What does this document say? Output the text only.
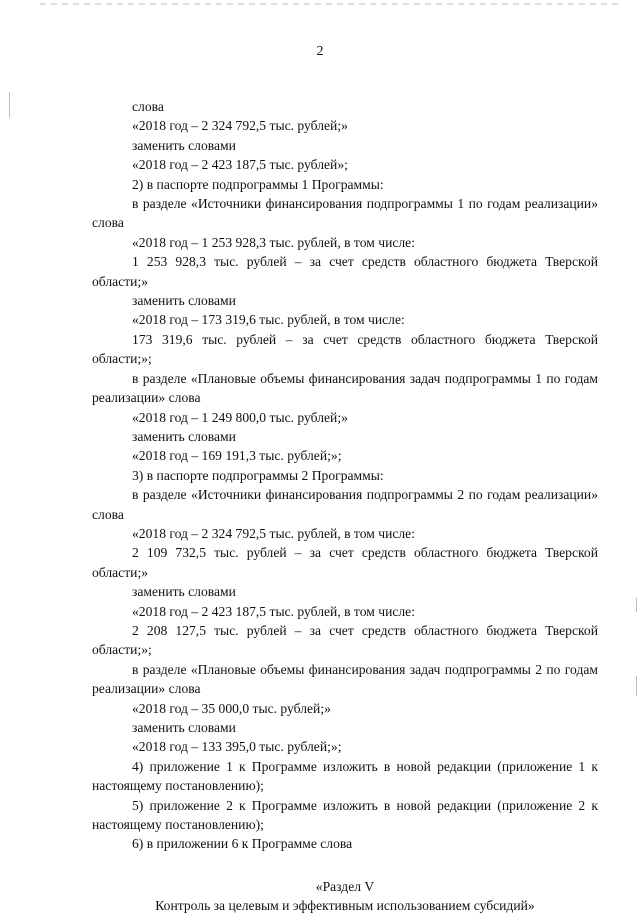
2

слова

«2018 год – 2 324 792,5 тыс. рублей;»

заменить словами

«2018 год – 2 423 187,5 тыс. рублей»;

2) в паспорте подпрограммы 1 Программы:

в разделе «Источники финансирования подпрограммы 1 по годам реализации» слова

«2018 год – 1 253 928,3 тыс. рублей, в том числе:

1 253 928,3 тыс. рублей – за счет средств областного бюджета Тверской области;»

заменить словами

«2018 год – 173 319,6 тыс. рублей, в том числе:

173 319,6 тыс. рублей – за счет средств областного бюджета Тверской области;»;

в разделе «Плановые объемы финансирования задач подпрограммы 1 по годам реализации» слова

«2018 год – 1 249 800,0 тыс. рублей;»

заменить словами

«2018 год – 169 191,3 тыс. рублей;»;

3) в паспорте подпрограммы 2 Программы:

в разделе «Источники финансирования подпрограммы 2 по годам реализации» слова

«2018 год – 2 324 792,5 тыс. рублей, в том числе:

2 109 732,5 тыс. рублей – за счет средств областного бюджета Тверской области;»

заменить словами

«2018 год – 2 423 187,5 тыс. рублей, в том числе:

2 208 127,5 тыс. рублей – за счет средств областного бюджета Тверской области;»;

в разделе «Плановые объемы финансирования задач подпрограммы 2 по годам реализации» слова

«2018 год – 35 000,0 тыс. рублей;»

заменить словами

«2018 год – 133 395,0 тыс. рублей;»;

4) приложение 1 к Программе изложить в новой редакции (приложение 1 к настоящему постановлению);

5) приложение 2 к Программе изложить в новой редакции (приложение 2 к настоящему постановлению);

6) в приложении 6 к Программе слова

«Раздел V

Контроль за целевым и эффективным использованием субсидий»
